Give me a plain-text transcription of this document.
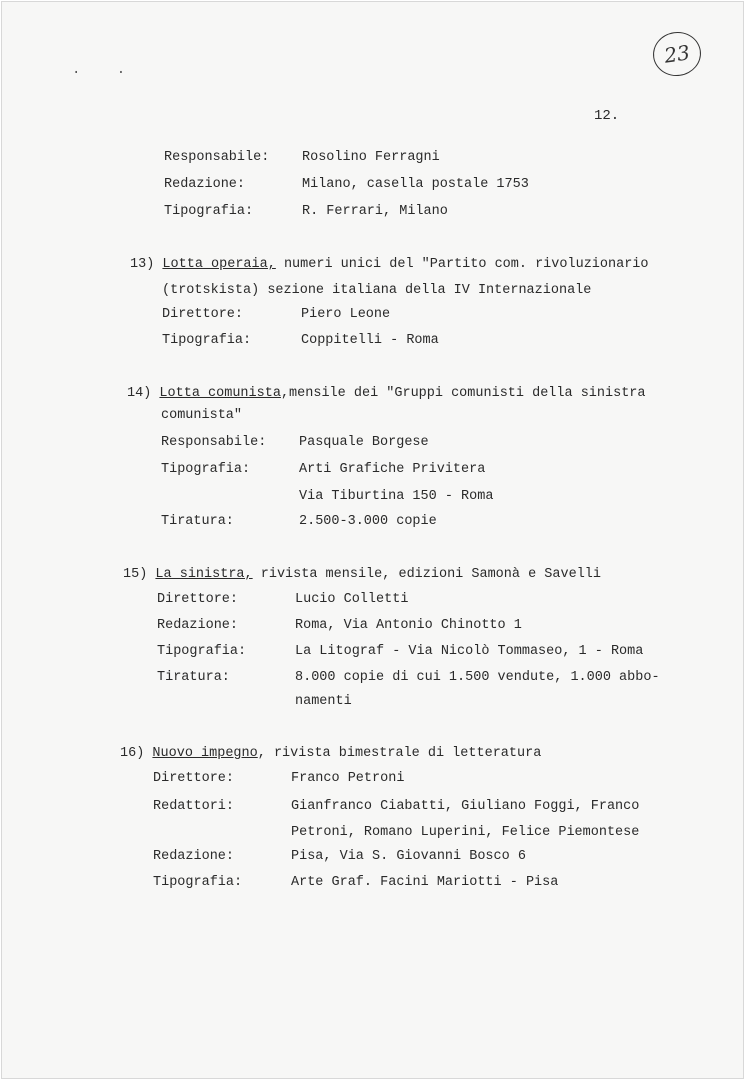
23
. .
12.
Responsabile: Rosolino Ferragni
Redazione:	Milano, casella postale 1753
Tipografia:	R. Ferrari, Milano
13) Lotta operaia, numeri unici del "Partito com. rivoluzionario
(trotskista) sezione italiana della IV Internazionale
Direttore:	Piero Leone
Tipografia:	Coppitelli - Roma
14) Lotta comunista,mensile dei "Gruppi comunisti della sinistra
comunista"
Responsabile: Pasquale Borgese
Tipografia:	Arti Grafiche Privitera
Via Tiburtina 150 - Roma
Tiratura:	2.500-3.000 copie
15) La sinistra, rivista mensile, edizioni Samonà e Savelli
Direttore:	Lucio Colletti
Redazione:	Roma, Via Antonio Chinotto 1
Tipografia:	La Litograf - Via Nicolò Tommaseo, 1 - Roma
Tiratura:	8.000 copie di cui 1.500 vendute, 1.000 abbo-
namenti
16) Nuovo impegno, rivista bimestrale di letteratura
Direttore:	Franco Petroni
Redattori:	Gianfranco Ciabatti, Giuliano Foggi, Franco
Petroni, Romano Luperini, Felice Piemontese
Redazione:	Pisa, Via S. Giovanni Bosco 6
Tipografia:	Arte Graf. Facini Mariotti - Pisa
